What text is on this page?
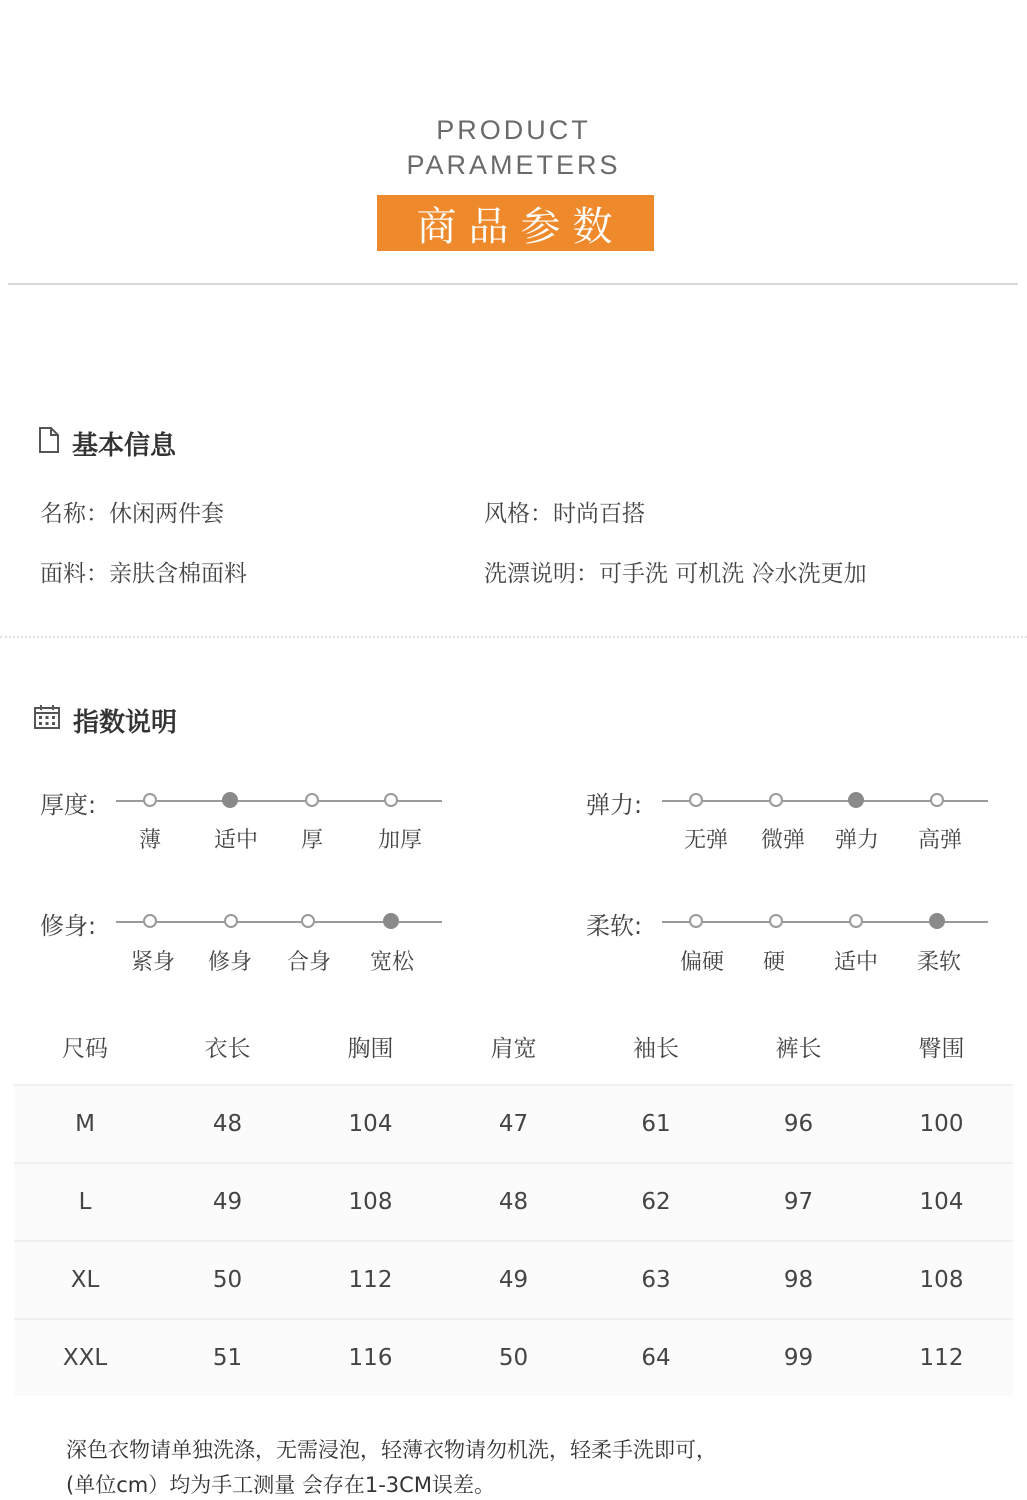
PRODUCT
PARAMETERS
商品参数
基本信息
名称：休闲两件套	风格：时尚百搭
面料：亲肤含棉面料	洗漂说明：可手洗 可机洗 冷水洗更加
指数说明
厚度:
薄	适中	厚	加厚
弹力:
无弹	微弹	弹力	高弹
修身:
紧身	修身	合身	宽松
柔软:
偏硬	硬	适中	柔软
尺码	衣长	胸围	肩宽	袖长	裤长	臀围
M	48	104	47	61	96	100
L	49	108	48	62	97	104
XL	50	112	49	63	98	108
XXL	51	116	50	64	99	112
深色衣物请单独洗涤，无需浸泡，轻薄衣物请勿机洗，轻柔手洗即可，
(单位cm）均为手工测量 会存在1-3CM误差。
